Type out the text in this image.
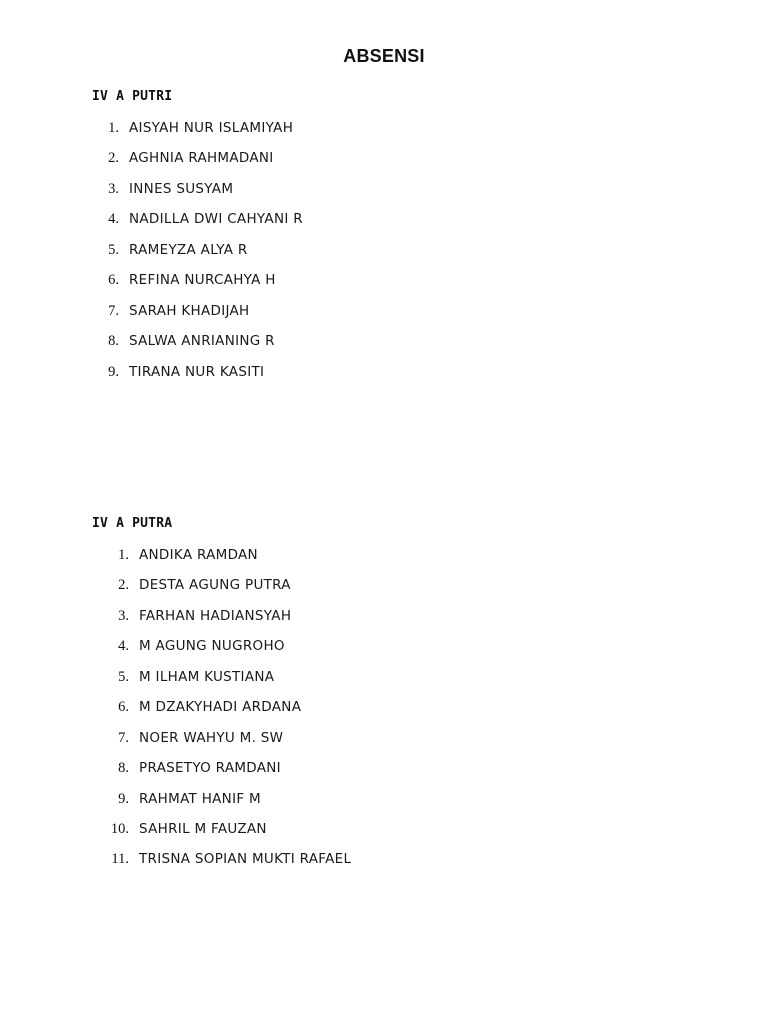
ABSENSI
IV A PUTRI
1. AISYAH NUR ISLAMIYAH
2. AGHNIA RAHMADANI
3. INNES SUSYAM
4. NADILLA DWI CAHYANI R
5. RAMEYZA ALYA R
6. REFINA NURCAHYA H
7. SARAH KHADIJAH
8. SALWA ANRIANING R
9. TIRANA NUR KASITI
IV A PUTRA
1. ANDIKA RAMDAN
2. DESTA AGUNG PUTRA
3. FARHAN HADIANSYAH
4. M AGUNG NUGROHO
5. M ILHAM KUSTIANA
6. M DZAKYHADI ARDANA
7. NOER WAHYU M. SW
8. PRASETYO RAMDANI
9. RAHMAT HANIF M
10. SAHRIL M FAUZAN
11. TRISNA SOPIAN MUKTI RAFAEL
